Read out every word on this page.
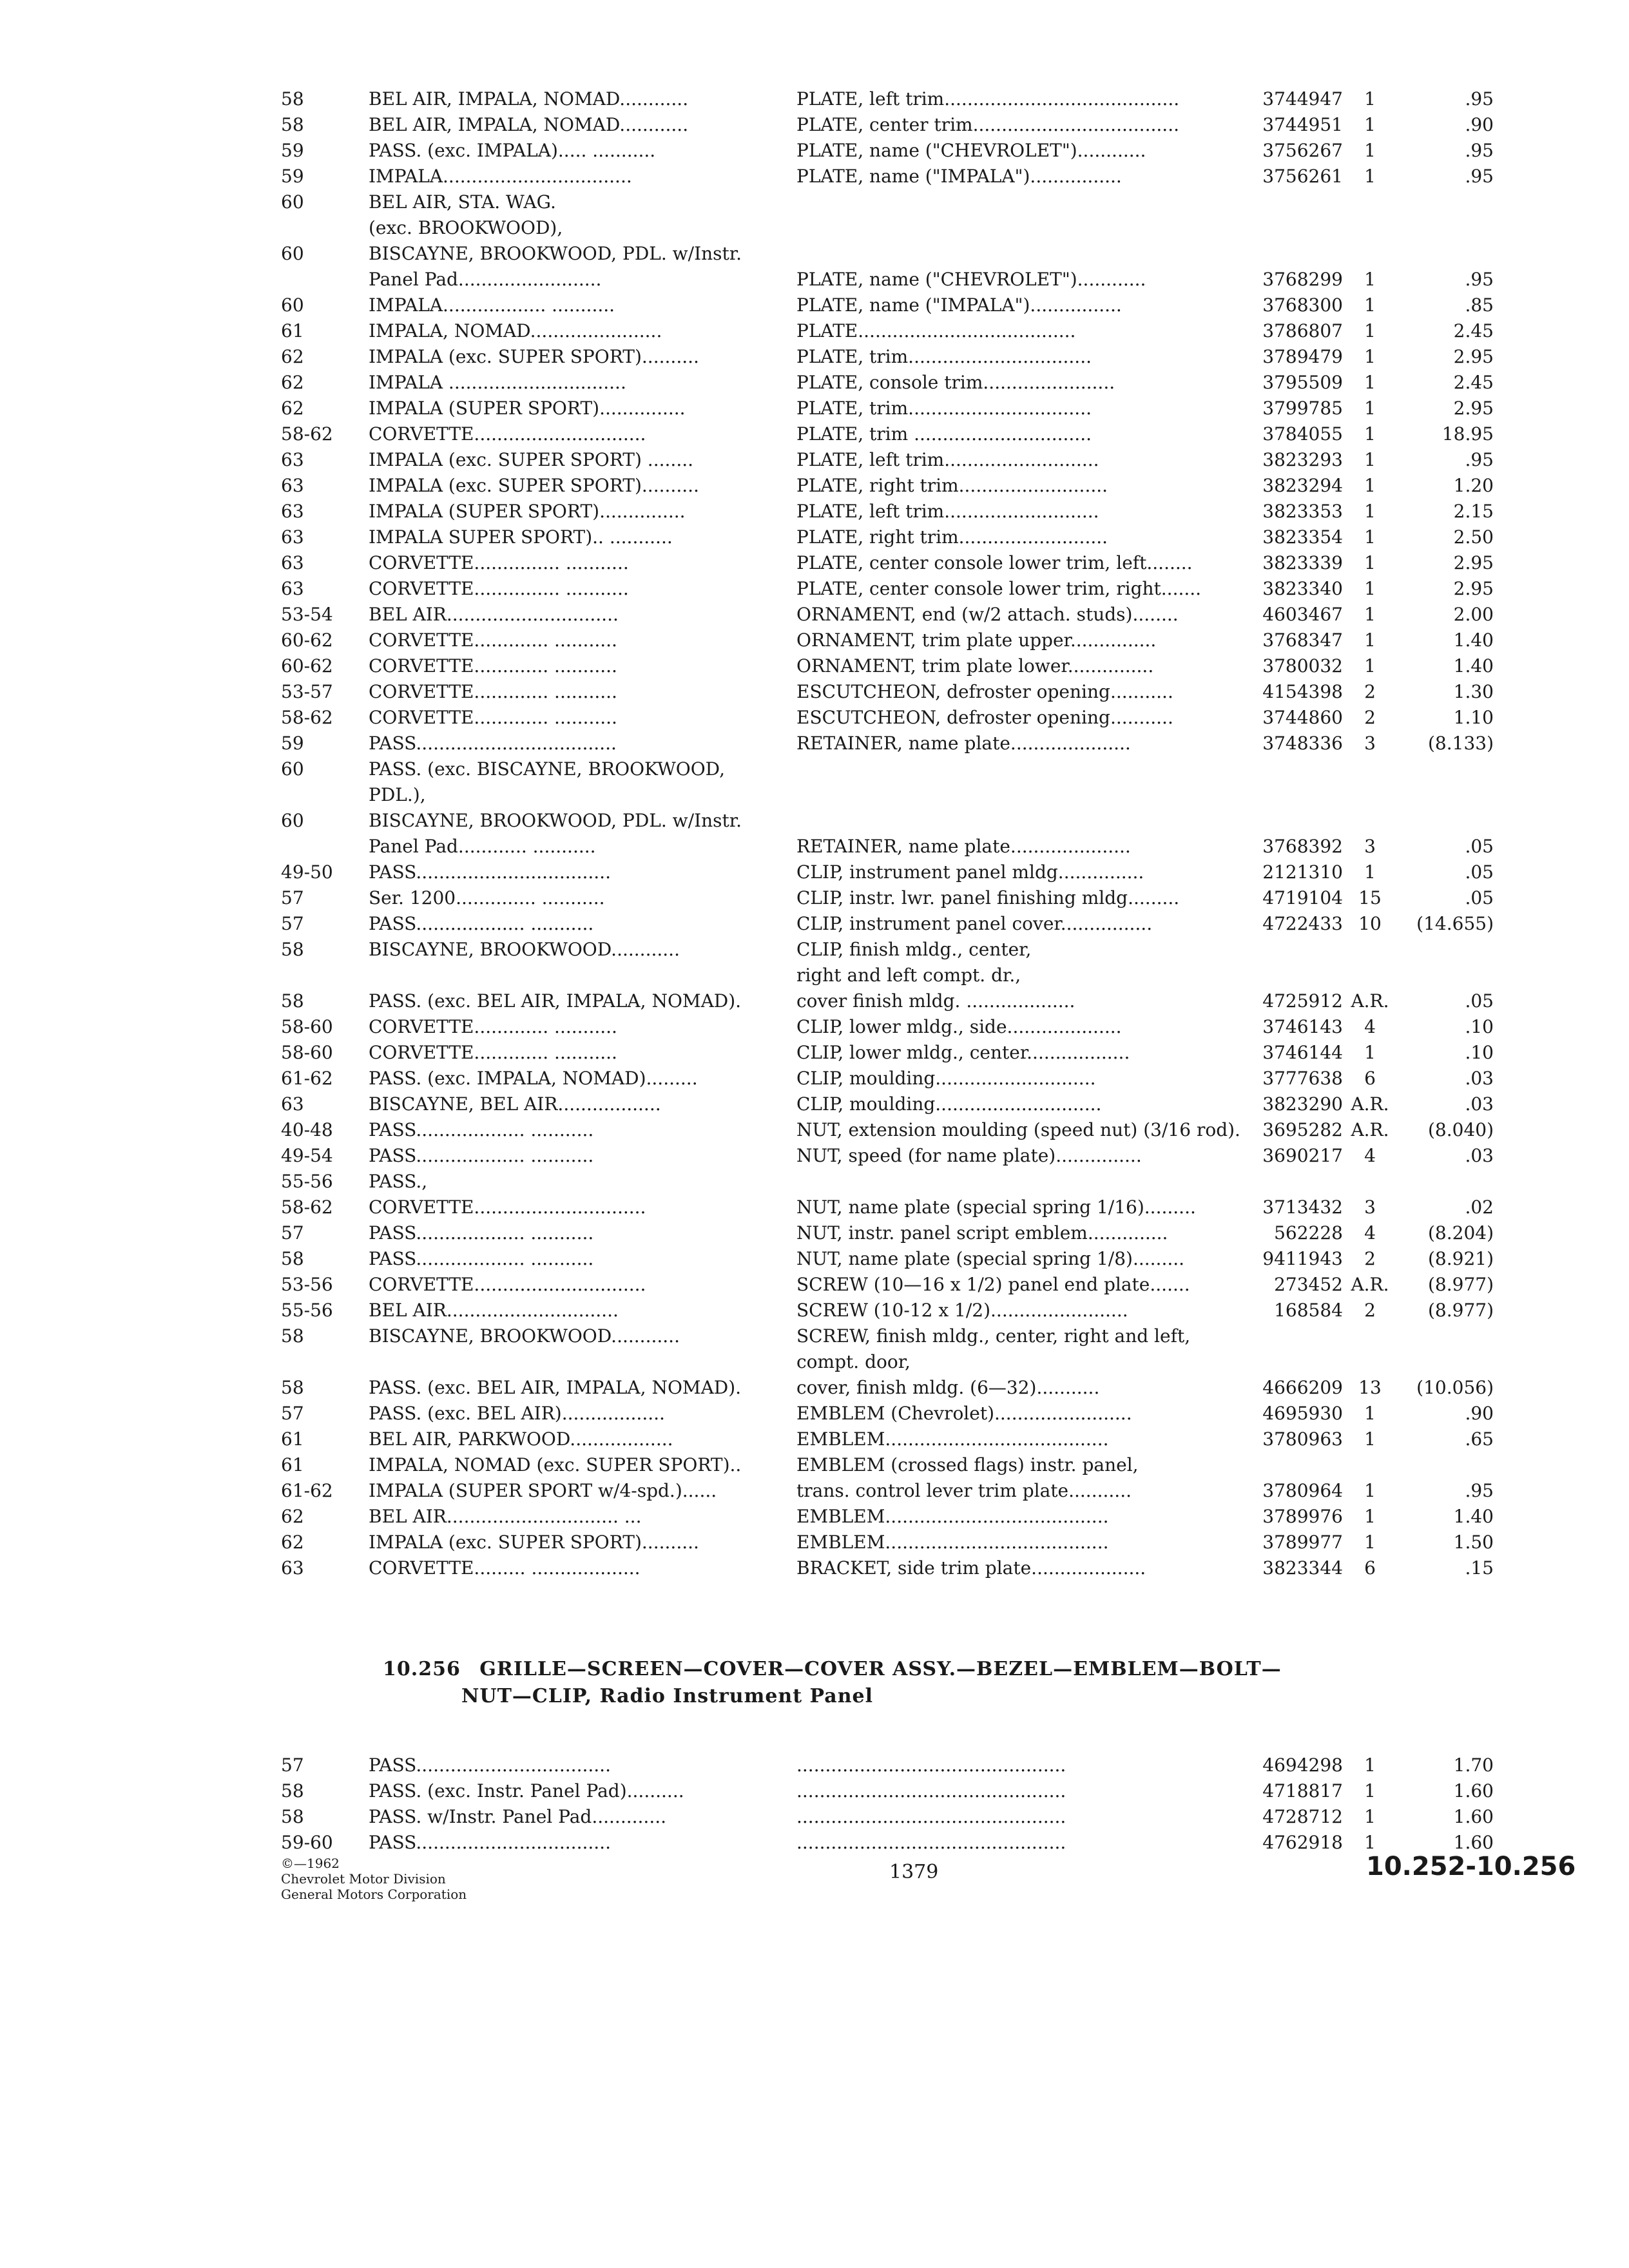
58	BEL AIR, IMPALA, NOMAD............	PLATE, left trim.........................................	3744947	1	.95
58	BEL AIR, IMPALA, NOMAD............	PLATE, center trim....................................	3744951	1	.90
59	PASS. (exc. IMPALA)..... ...........	PLATE, name ("CHEVROLET")............	3756267	1	.95
59	IMPALA.................................	PLATE, name ("IMPALA")................	3756261	1	.95
60	BEL AIR, STA. WAG.
(exc. BROOKWOOD),
60	BISCAYNE, BROOKWOOD, PDL. w/Instr.
Panel Pad.........................	PLATE, name ("CHEVROLET")............	3768299	1	.95
60	IMPALA.................. ...........	PLATE, name ("IMPALA")................	3768300	1	.85
61	IMPALA, NOMAD.......................	PLATE......................................	3786807	1	2.45
62	IMPALA (exc. SUPER SPORT)..........	PLATE, trim................................	3789479	1	2.95
62	IMPALA ...............................	PLATE, console trim.......................	3795509	1	2.45
62	IMPALA (SUPER SPORT)...............	PLATE, trim................................	3799785	1	2.95
58-62	CORVETTE..............................	PLATE, trim ...............................	3784055	1	18.95
63	IMPALA (exc. SUPER SPORT) ........	PLATE, left trim...........................	3823293	1	.95
63	IMPALA (exc. SUPER SPORT)..........	PLATE, right trim..........................	3823294	1	1.20
63	IMPALA (SUPER SPORT)...............	PLATE, left trim...........................	3823353	1	2.15
63	IMPALA SUPER SPORT).. ...........	PLATE, right trim..........................	3823354	1	2.50
63	CORVETTE............... ...........	PLATE, center console lower trim, left........	3823339	1	2.95
63	CORVETTE............... ...........	PLATE, center console lower trim, right.......	3823340	1	2.95
53-54	BEL AIR..............................	ORNAMENT, end (w/2 attach. studs)........	4603467	1	2.00
60-62	CORVETTE............. ...........	ORNAMENT, trim plate upper...............	3768347	1	1.40
60-62	CORVETTE............. ...........	ORNAMENT, trim plate lower...............	3780032	1	1.40
53-57	CORVETTE............. ...........	ESCUTCHEON, defroster opening...........	4154398	2	1.30
58-62	CORVETTE............. ...........	ESCUTCHEON, defroster opening...........	3744860	2	1.10
59	PASS...................................	RETAINER, name plate.....................	3748336	3	(8.133)
60	PASS. (exc. BISCAYNE, BROOKWOOD,
PDL.),
60	BISCAYNE, BROOKWOOD, PDL. w/Instr.
Panel Pad............ ...........	RETAINER, name plate.....................	3768392	3	.05
49-50	PASS..................................	CLIP, instrument panel mldg...............	2121310	1	.05
57	Ser. 1200.............. ...........	CLIP, instr. lwr. panel finishing mldg.........	4719104 15	.05
57	PASS................... ...........	CLIP, instrument panel cover................	4722433 10	(14.655)
58	BISCAYNE, BROOKWOOD............	CLIP, finish mldg., center,
right and left compt. dr.,
58	PASS. (exc. BEL AIR, IMPALA, NOMAD).	cover finish mldg. ...................	4725912 A.R.	.05
58-60	CORVETTE............. ...........	CLIP, lower mldg., side....................	3746143	4	.10
58-60	CORVETTE............. ...........	CLIP, lower mldg., center..................	3746144	1	.10
61-62	PASS. (exc. IMPALA, NOMAD).........	CLIP, moulding............................	3777638	6	.03
63	BISCAYNE, BEL AIR..................	CLIP, moulding.............................	3823290 A.R.	.03
40-48	PASS................... ...........	NUT, extension moulding (speed nut) (3/16 rod).	3695282 A.R.	(8.040)
49-54	PASS................... ...........	NUT, speed (for name plate)...............	3690217	4	.03
55-56	PASS.,
58-62	CORVETTE..............................	NUT, name plate (special spring 1/16).........	3713432	3	.02
57	PASS................... ...........	NUT, instr. panel script emblem..............	562228	4	(8.204)
58	PASS................... ...........	NUT, name plate (special spring 1/8).........	9411943	2	(8.921)
53-56	CORVETTE..............................	SCREW (10—16 x 1/2) panel end plate.......	273452 A.R.	(8.977)
55-56	BEL AIR..............................	SCREW (10-12 x 1/2)........................	168584	2	(8.977)
58	BISCAYNE, BROOKWOOD............	SCREW, finish mldg., center, right and left,
compt. door,
58	PASS. (exc. BEL AIR, IMPALA, NOMAD).	cover, finish mldg. (6—32)...........	4666209 13	(10.056)
57	PASS. (exc. BEL AIR)..................	EMBLEM (Chevrolet)........................	4695930	1	.90
61	BEL AIR, PARKWOOD..................	EMBLEM.......................................	3780963	1	.65
61	IMPALA, NOMAD (exc. SUPER SPORT)..	EMBLEM (crossed flags) instr. panel,
61-62	IMPALA (SUPER SPORT w/4-spd.)......	trans. control lever trim plate...........	3780964	1	.95
62	BEL AIR.............................. ...	EMBLEM.......................................	3789976	1	1.40
62	IMPALA (exc. SUPER SPORT)..........	EMBLEM.......................................	3789977	1	1.50
63	CORVETTE......... ...................	BRACKET, side trim plate....................	3823344	6	.15
10.256 GRILLE—SCREEN—COVER—COVER ASSY.—BEZEL—EMBLEM—BOLT—
NUT—CLIP, Radio Instrument Panel
57	PASS..................................	...............................................	4694298	1	1.70
58	PASS. (exc. Instr. Panel Pad)..........	...............................................	4718817	1	1.60
58	PASS. w/Instr. Panel Pad.............	...............................................	4728712	1	1.60
59-60	PASS..................................	...............................................	4762918	1	1.60
©—1962
Chevrolet Motor Division
General Motors Corporation
1379	10.252-10.256
